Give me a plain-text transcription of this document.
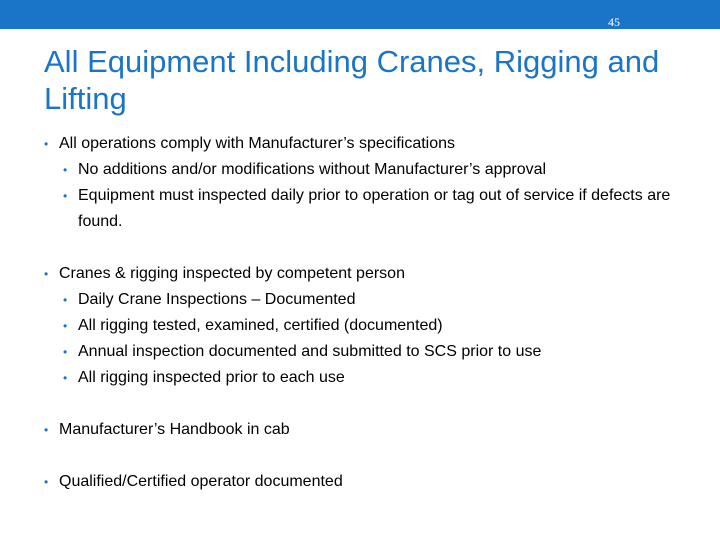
45
All Equipment Including Cranes, Rigging and Lifting
• All operations comply with Manufacturer’s specifications
• No additions and/or modifications without Manufacturer’s approval
• Equipment must inspected daily prior to operation or tag out of service if defects are found.
• Cranes & rigging inspected by competent person
• Daily Crane Inspections – Documented
• All rigging tested, examined, certified (documented)
• Annual inspection documented and submitted to SCS prior to use
• All rigging inspected prior to each use
• Manufacturer’s Handbook in cab
• Qualified/Certified operator documented
